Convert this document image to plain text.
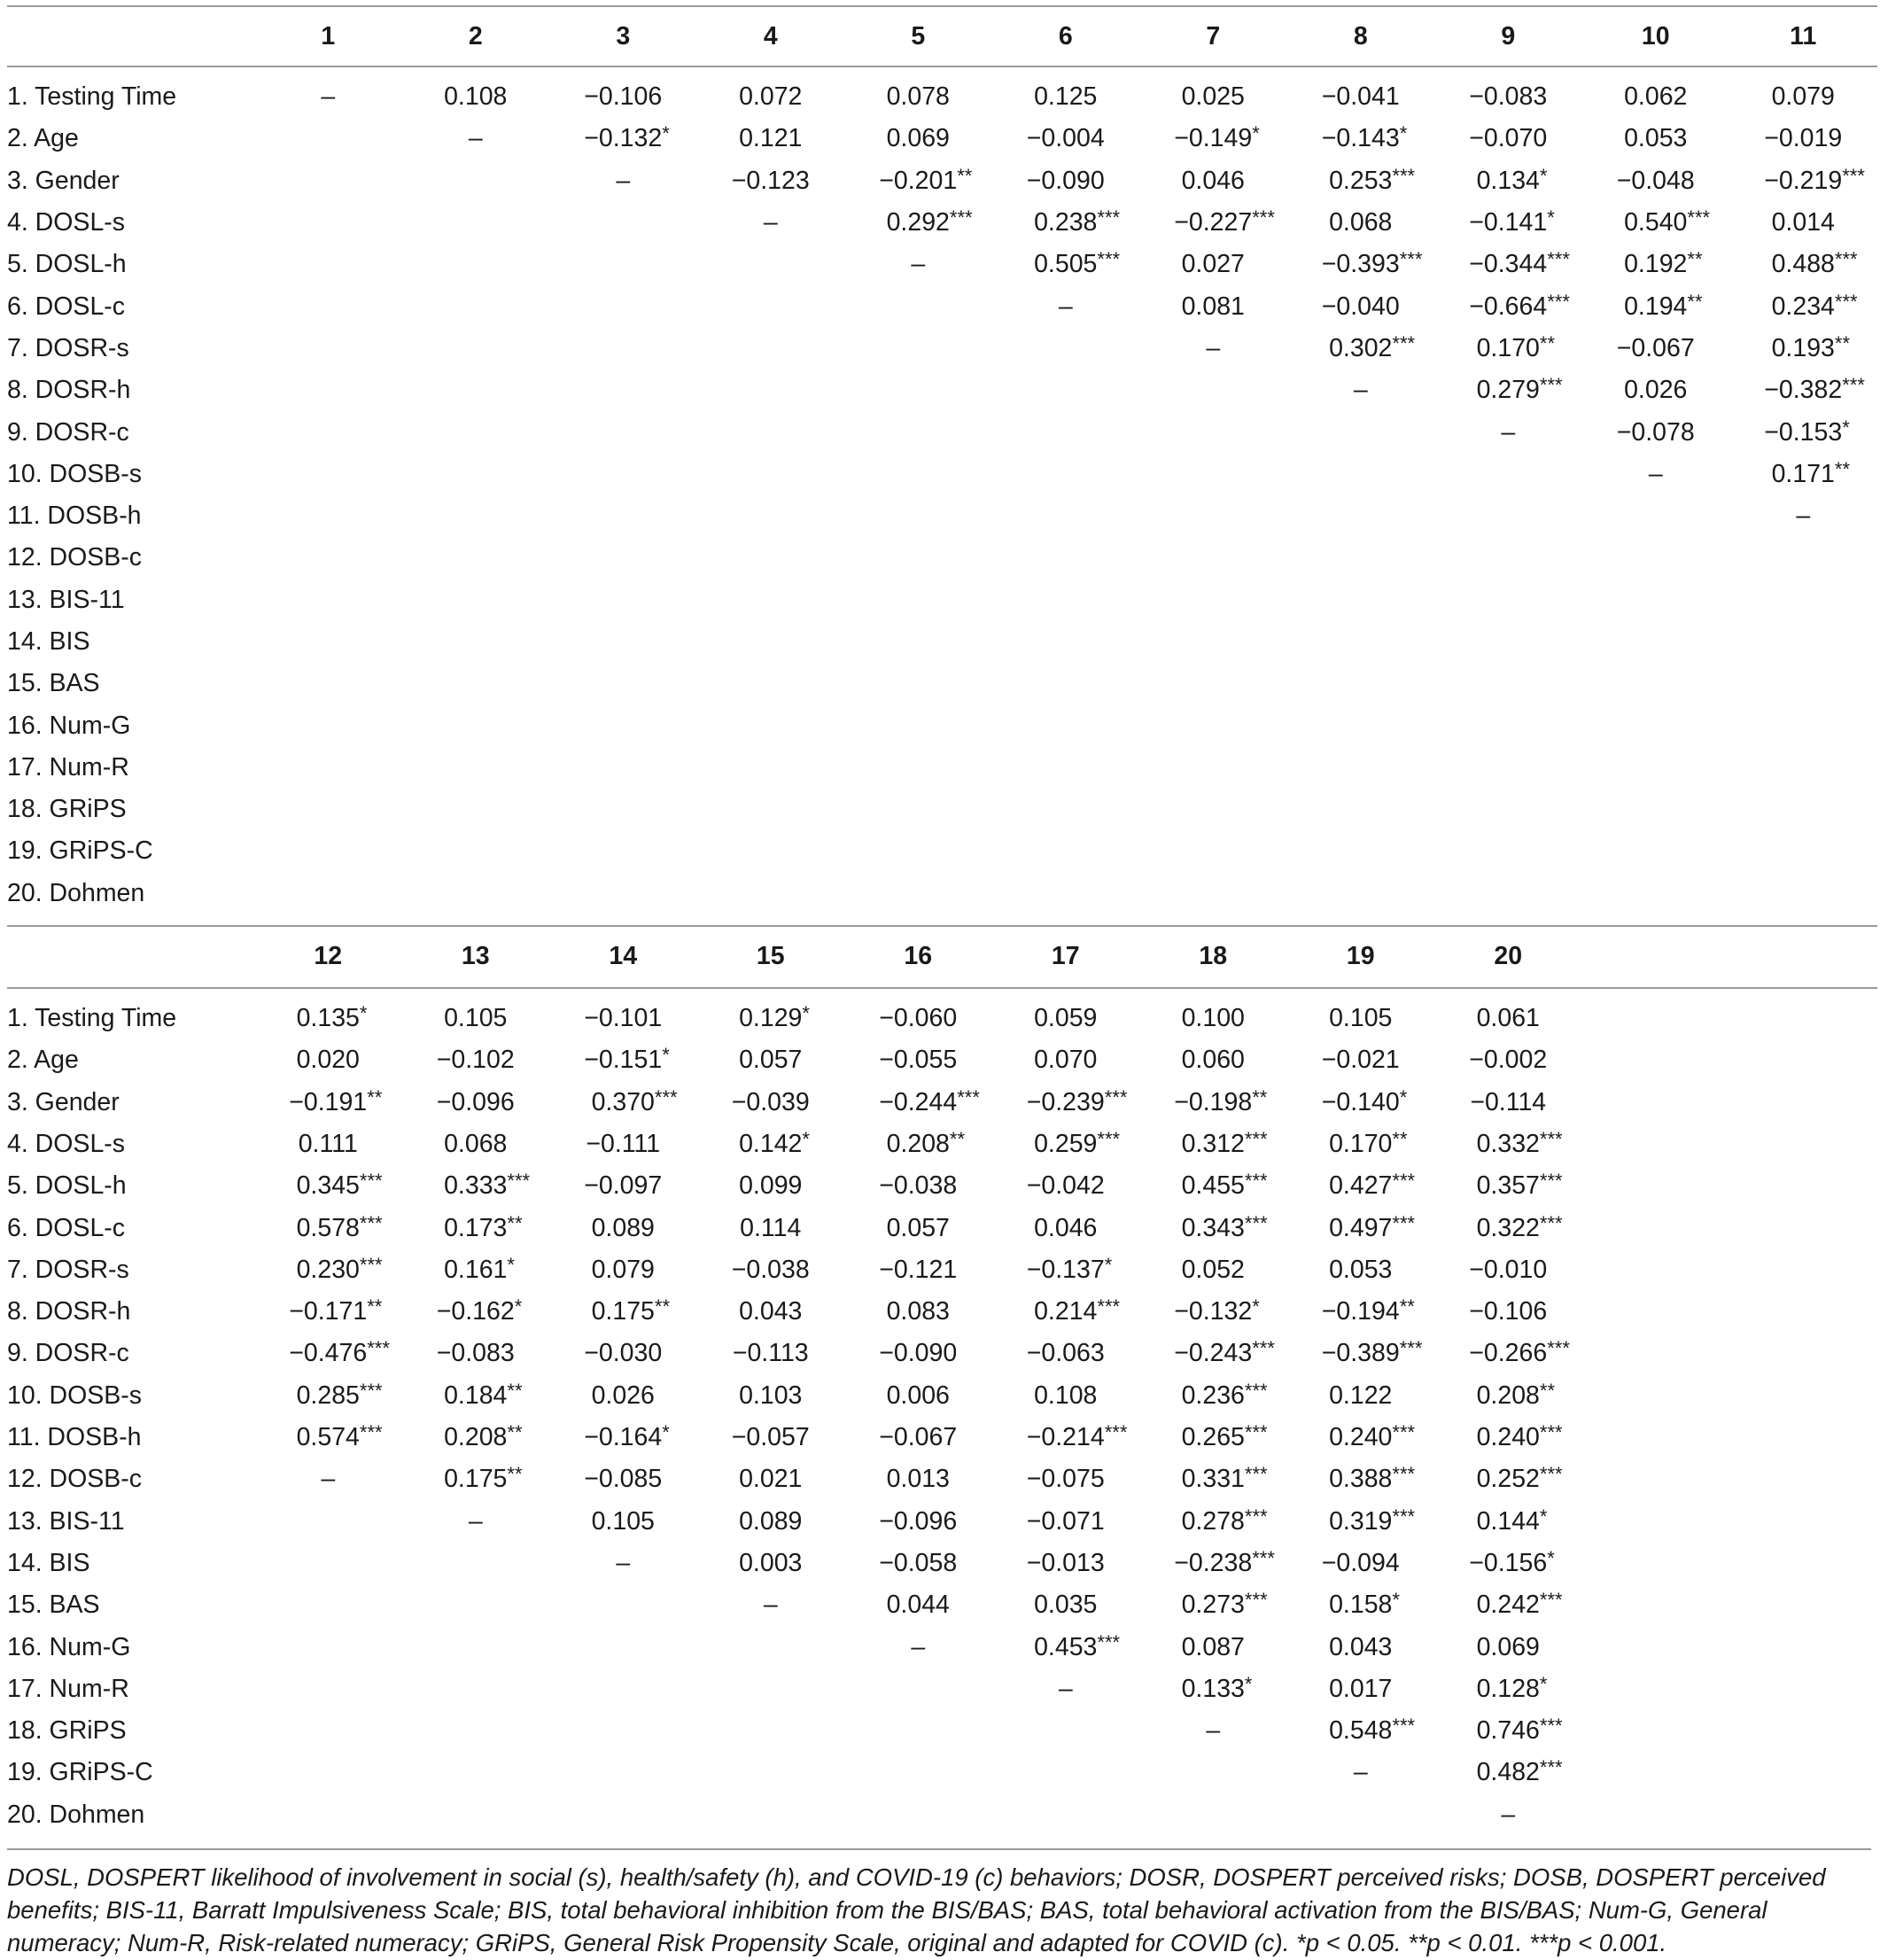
	1	2	3	4	5	6	7	8	9	10	11

1. Testing Time	–	0.108	−0.106	0.072	0.078	0.125	0.025	−0.041	−0.083	0.062	0.079
2. Age		–	−0.132 *	0.121	0.069	−0.004	−0.149 *	−0.143 *	−0.070	0.053	−0.019
3. Gender			–	−0.123	−0.201 **	−0.090	0.046	0.253 ***	0.134 *	−0.048	−0.219 ***

4. DOSL-s				–	0.292 ***	0.238 ***	−0.227 ***	0.068	−0.141 *	0.540 ***	0.014
5. DOSL-h					–	0.505 ***	0.027	−0.393 ***	−0.344 ***	0.192 **	0.488 ***

6. DOSL-c						–	0.081	−0.040	−0.664 ***	0.194 **	0.234 ***

7. DOSR-s							–	0.302 ***	0.170 **	−0.067	0.193 **

8. DOSR-h								–	0.279 ***	0.026	−0.382 ***

9. DOSR-c									–	−0.078	−0.153 *

10. DOSB-s										–	0.171 **

11. DOSB-h											–
12. DOSB-c											
13. BIS-11											
14. BIS											
15. BAS											
16. Num-G											
17. Num-R											
18. GRiPS											
19. GRiPS-C											
20. Dohmen											

	12	13	14	15	16	17	18	19	20		

1. Testing Time	0.135 *	0.105	−0.101	0.129 *	−0.060	0.059	0.100	0.105	0.061		
2. Age	0.020	−0.102	−0.151 *	0.057	−0.055	0.070	0.060	−0.021	−0.002		
3. Gender	−0.191 **	−0.096	0.370 ***	−0.039	−0.244 ***	−0.239 ***	−0.198 **	−0.140 *	−0.114		
4. DOSL-s	0.111	0.068	−0.111	0.142 *	0.208 **	0.259 ***	0.312 ***	0.170 **	0.332 ***		

5. DOSL-h	0.345 ***	0.333 ***	−0.097	0.099	−0.038	−0.042	0.455 ***	0.427 ***	0.357 ***		

6. DOSL-c	0.578 ***	0.173 **	0.089	0.114	0.057	0.046	0.343 ***	0.497 ***	0.322 ***		

7. DOSR-s	0.230 ***	0.161 *	0.079	−0.038	−0.121	−0.137 *	0.052	0.053	−0.010		
8. DOSR-h	−0.171 **	−0.162 *	0.175 **	0.043	0.083	0.214 ***	−0.132 *	−0.194 **	−0.106		
9. DOSR-c	−0.476 ***	−0.083	−0.030	−0.113	−0.090	−0.063	−0.243 ***	−0.389 ***	−0.266 ***		

10. DOSB-s	0.285 ***	0.184 **	0.026	0.103	0.006	0.108	0.236 ***	0.122	0.208 **		

11. DOSB-h	0.574 ***	0.208 **	−0.164 *	−0.057	−0.067	−0.214 ***	0.265 ***	0.240 ***	0.240 ***		

12. DOSB-c	–	0.175 **	−0.085	0.021	0.013	−0.075	0.331 ***	0.388 ***	0.252 ***		

13. BIS-11		–	0.105	0.089	−0.096	−0.071	0.278 ***	0.319 ***	0.144 *		

14. BIS			–	0.003	−0.058	−0.013	−0.238 ***	−0.094	−0.156 *		

15. BAS				–	0.044	0.035	0.273 ***	0.158 *	0.242 ***		

16. Num-G					–	0.453 ***	0.087	0.043	0.069		
17. Num-R						–	0.133 *	0.017	0.128 *		

18. GRiPS							–	0.548 ***	0.746 ***		

19. GRiPS-C								–	0.482 ***		

20. Dohmen									–		

DOSL, DOSPERT likelihood of involvement in social (s), health/safety (h), and COVID-19 (c) behaviors; DOSR, DOSPERT perceived risks; DOSB, DOSPERT perceived benefits; BIS-11, Barratt Impulsiveness Scale; BIS, total behavioral inhibition from the BIS/BAS; BAS, total behavioral activation from the BIS/BAS; Num-G, General numeracy; Num-R, Risk-related numeracy; GRiPS, General Risk Propensity Scale, original and adapted for COVID (c). *p < 0.05. **p < 0.01. ***p < 0.001.
